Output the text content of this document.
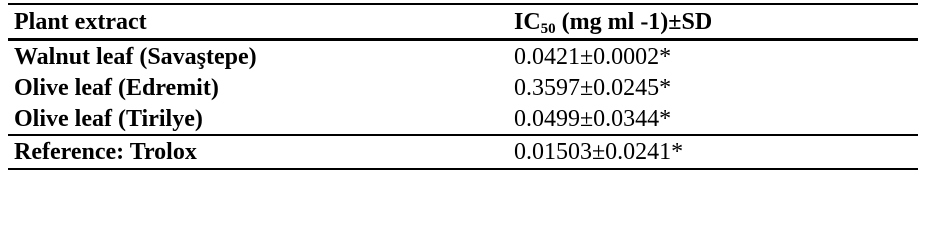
Plant extract	$IC_{50}$ (mg ml -1)±SD
Walnut leaf (Savaştepe)	0.0421±0.0002*
Olive leaf (Edremit)	0.3597±0.0245*
Olive leaf (Tirilye)	0.0499±0.0344*
Reference: Trolox	0.01503±0.0241*
